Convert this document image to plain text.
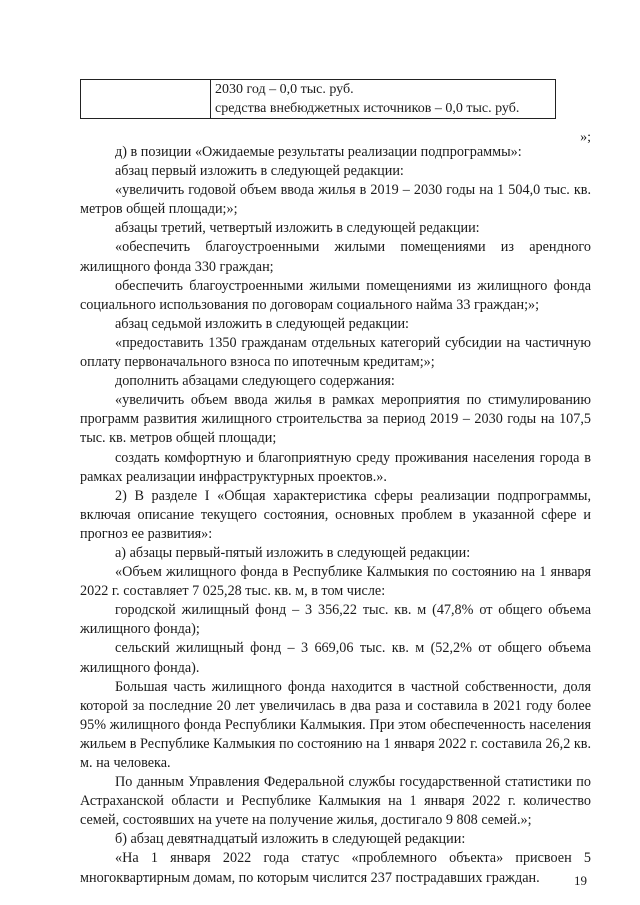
	2030 год – 0,0 тыс. руб.
средства внебюджетных источников – 0,0 тыс. руб.
»;

д) в позиции «Ожидаемые результаты реализации подпрограммы»:

абзац первый изложить в следующей редакции:

«увеличить годовой объем ввода жилья в 2019 – 2030 годы на 1 504,0 тыс. кв. метров общей площади;»;

абзацы третий, четвертый изложить в следующей редакции:

«обеспечить благоустроенными жилыми помещениями из арендного жилищного фонда 330 граждан;

обеспечить благоустроенными жилыми помещениями из жилищного фонда социального использования по договорам социального найма 33 граждан;»;

абзац седьмой изложить в следующей редакции:

«предоставить 1350 гражданам отдельных категорий субсидии на частичную оплату первоначального взноса по ипотечным кредитам;»;

дополнить абзацами следующего содержания:

«увеличить объем ввода жилья в рамках мероприятия по стимулированию программ развития жилищного строительства за период 2019 – 2030 годы на 107,5 тыс. кв. метров общей площади;

создать комфортную и благоприятную среду проживания населения города в рамках реализации инфраструктурных проектов.».

2) В разделе I «Общая характеристика сферы реализации подпрограммы, включая описание текущего состояния, основных проблем в указанной сфере и прогноз ее развития»:

а) абзацы первый-пятый изложить в следующей редакции:

«Объем жилищного фонда в Республике Калмыкия по состоянию на 1 января 2022 г. составляет 7 025,28 тыс. кв. м, в том числе:

городской жилищный фонд – 3 356,22 тыс. кв. м (47,8% от общего объема жилищного фонда);

сельский жилищный фонд – 3 669,06 тыс. кв. м (52,2% от общего объема жилищного фонда).

Большая часть жилищного фонда находится в частной собственности, доля которой за последние 20 лет увеличилась в два раза и составила в 2021 году более 95% жилищного фонда Республики Калмыкия. При этом обеспеченность населения жильем в Республике Калмыкия по состоянию на 1 января 2022 г. составила 26,2 кв. м. на человека.

По данным Управления Федеральной службы государственной статистики по Астраханской области и Республике Калмыкия на 1 января 2022 г. количество семей, состоявших на учете на получение жилья, достигало 9 808 семей.»;

б) абзац девятнадцатый изложить в следующей редакции:

«На 1 января 2022 года статус «проблемного объекта» присвоен 5 многоквартирным домам, по которым числится 237 пострадавших граждан.	19
